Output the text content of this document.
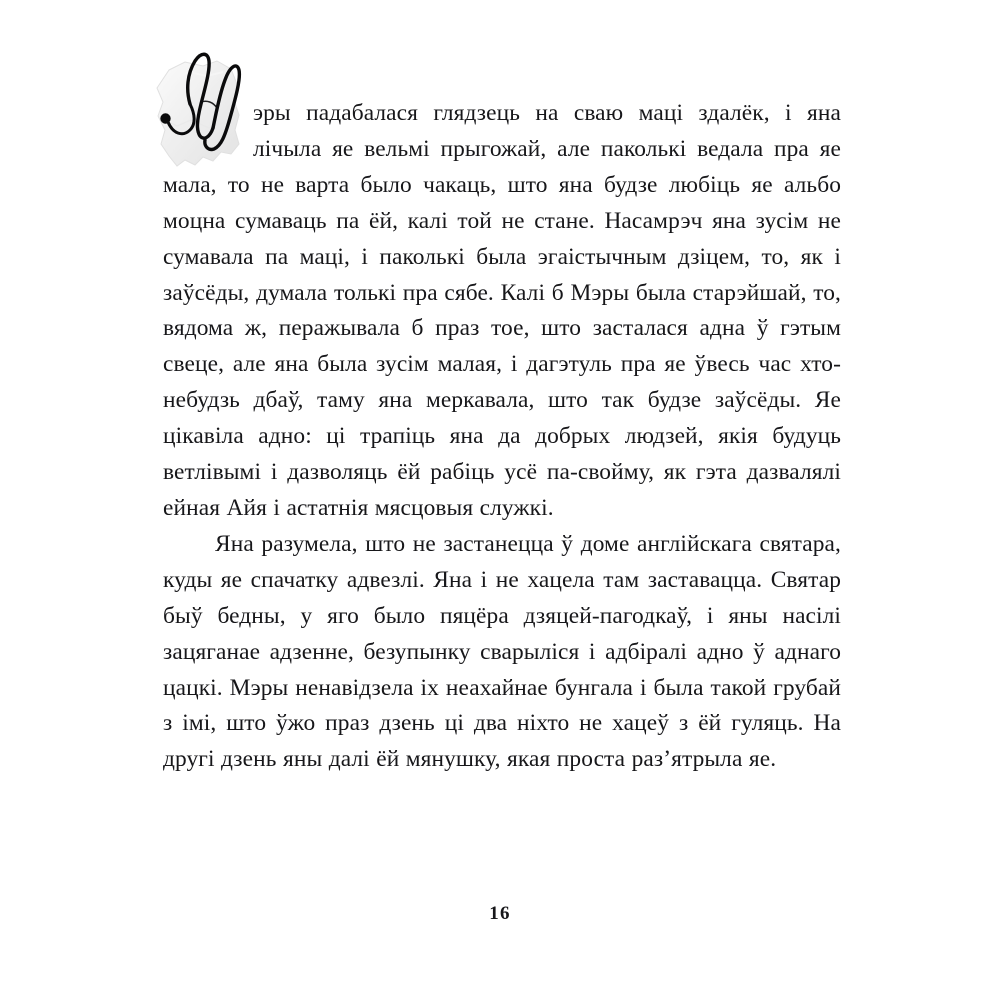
эры падабалася глядзець на сваю маці здалёк, і яна лічыла яе вельмі прыгожай, але паколькі ведала пра яе мала, то не варта было чакаць, што яна будзе любіць яе альбо моцна сумаваць па ёй, калі той не стане. Насамрэч яна зусім не сумавала па маці, і паколькі была эгаістычным дзіцем, то, як і заўсёды, думала толькі пра сябе. Калі б Мэры была старэйшай, то, вядома ж, перажывала б праз тое, што засталася адна ў гэтым свеце, але яна была зусім малая, і дагэтуль пра яе ўвесь час хто-небудзь дбаў, таму яна меркавала, што так будзе заўсёды. Яе цікавіла адно: ці трапіць яна да добрых людзей, якія будуць ветлівымі і дазволяць ёй рабіць усё па-свойму, як гэта дазвалялі ейная Айя і астатнія мясцовыя служкі.

Яна разумела, што не застанецца ў доме англійскага святара, куды яе спачатку адвезлі. Яна і не хацела там заставацца. Святар быў бедны, у яго было пяцёра дзяцей-пагодкаў, і яны насілі зацяганае адзенне, безупынку сварыліся і адбіралі адно ў аднаго цацкі. Мэры ненавідзела іх неахайнае бунгала і была такой грубай з імі, што ўжо праз дзень ці два ніхто не хацеў з ёй гуляць. На другі дзень яны далі ёй мянушку, якая проста раз’ятрыла яе.

16
